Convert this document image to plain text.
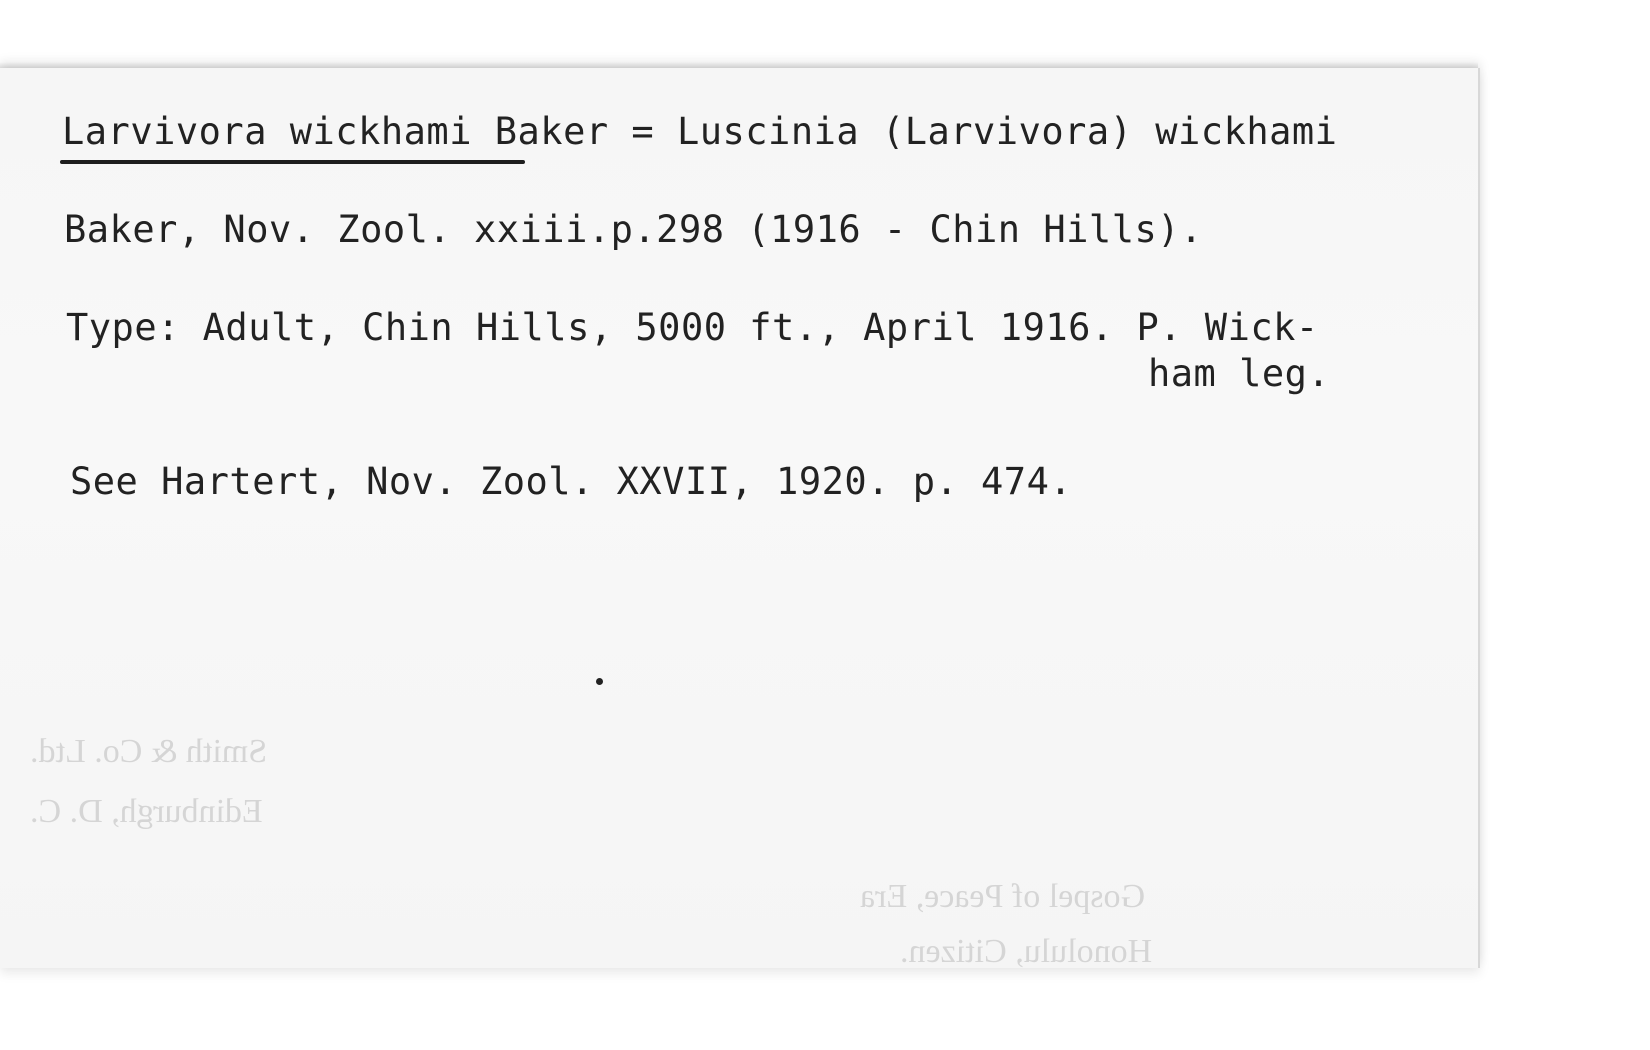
Smith & Co. Ltd.
Edinburgh, D. C.
Gospel of Peace, Era
Honolulu, Citizen.
Larvivora wickhami Baker = Luscinia (Larvivora) wickhami
Baker, Nov. Zool. xxiii.p.298 (1916 - Chin Hills).
Type: Adult, Chin Hills, 5000 ft., April 1916. P. Wick-
ham leg.
See Hartert, Nov. Zool. XXVII, 1920. p. 474.
